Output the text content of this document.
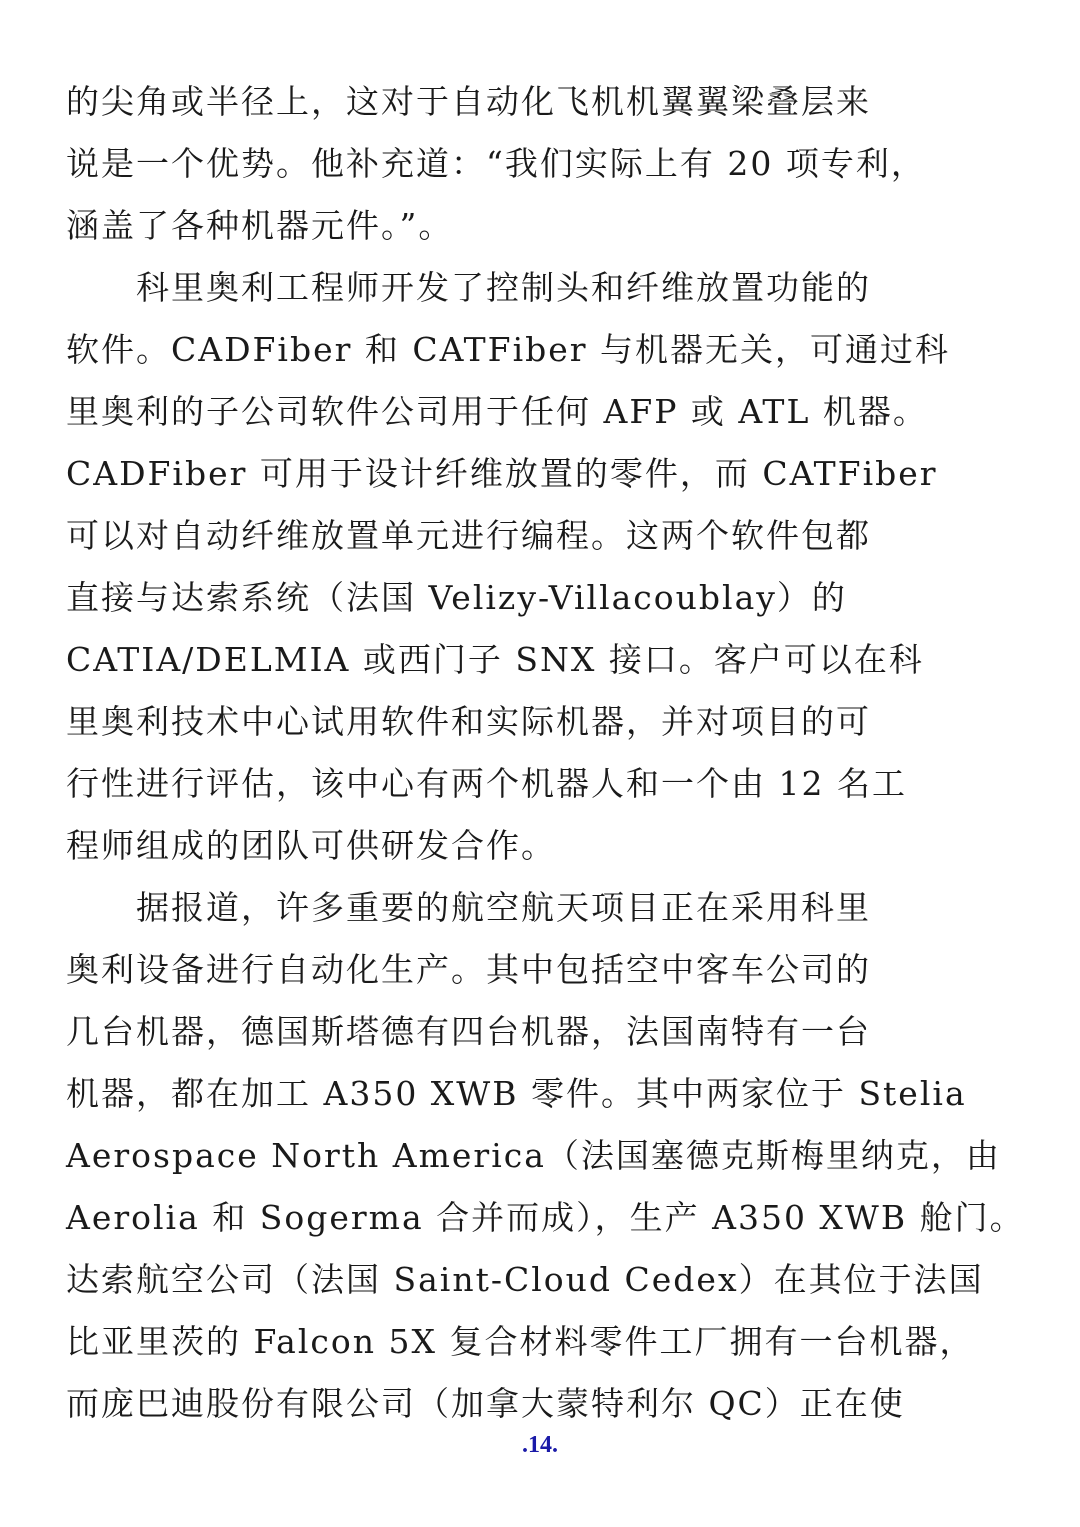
的尖角或半径上，这对于自动化飞机机翼翼梁叠层来
说是一个优势。他补充道：“我们实际上有 20 项专利，
涵盖了各种机器元件。”。
　　科里奥利工程师开发了控制头和纤维放置功能的
软件。CADFiber 和 CATFiber 与机器无关，可通过科
里奥利的子公司软件公司用于任何 AFP 或 ATL 机器。
CADFiber 可用于设计纤维放置的零件，而 CATFiber
可以对自动纤维放置单元进行编程。这两个软件包都
直接与达索系统（法国 Velizy-Villacoublay）的
CATIA/DELMIA 或西门子 SNX 接口。客户可以在科
里奥利技术中心试用软件和实际机器，并对项目的可
行性进行评估，该中心有两个机器人和一个由 12 名工
程师组成的团队可供研发合作。
　　据报道，许多重要的航空航天项目正在采用科里
奥利设备进行自动化生产。其中包括空中客车公司的
几台机器，德国斯塔德有四台机器，法国南特有一台
机器，都在加工 A350 XWB 零件。其中两家位于 Stelia
Aerospace North America（法国塞德克斯梅里纳克，由
Aerolia 和 Sogerma 合并而成），生产 A350 XWB 舱门。
达索航空公司（法国 Saint-Cloud Cedex）在其位于法国
比亚里茨的 Falcon 5X 复合材料零件工厂拥有一台机器，
而庞巴迪股份有限公司（加拿大蒙特利尔 QC）正在使
.14.
